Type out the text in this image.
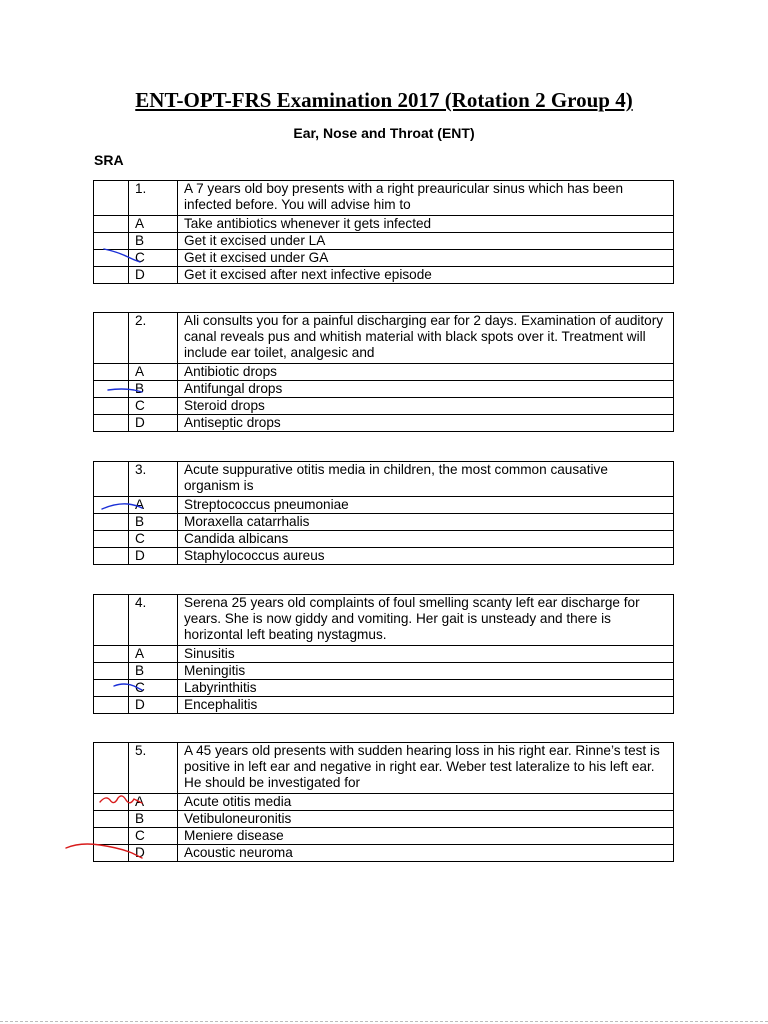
ENT-OPT-FRS Examination 2017 (Rotation 2 Group 4)
Ear, Nose and Throat (ENT)
SRA
	1.	A 7 years old boy presents with a right preauricular sinus which has been infected before. You will advise him to
	A	Take antibiotics whenever it gets infected
	B	Get it excised under LA
	C	Get it excised under GA
	D	Get it excised after next infective episode
	2.	Ali consults you for a painful discharging ear for 2 days. Examination of auditory canal reveals pus and whitish material with black spots over it. Treatment will include ear toilet, analgesic and
	A	Antibiotic drops
	B	Antifungal drops
	C	Steroid drops
	D	Antiseptic drops
	3.	Acute suppurative otitis media in children, the most common causative organism is
	A	Streptococcus pneumoniae
	B	Moraxella catarrhalis
	C	Candida albicans
	D	Staphylococcus aureus
	4.	Serena 25 years old complaints of foul smelling scanty left ear discharge for years. She is now giddy and vomiting. Her gait is unsteady and there is horizontal left beating nystagmus.
	A	Sinusitis
	B	Meningitis
	C	Labyrinthitis
	D	Encephalitis
	5.	A 45 years old presents with sudden hearing loss in his right ear. Rinne’s test is positive in left ear and negative in right ear. Weber test lateralize to his left ear. He should be investigated for
	A	Acute otitis media
	B	Vetibuloneuronitis
	C	Meniere disease
	D	Acoustic neuroma
